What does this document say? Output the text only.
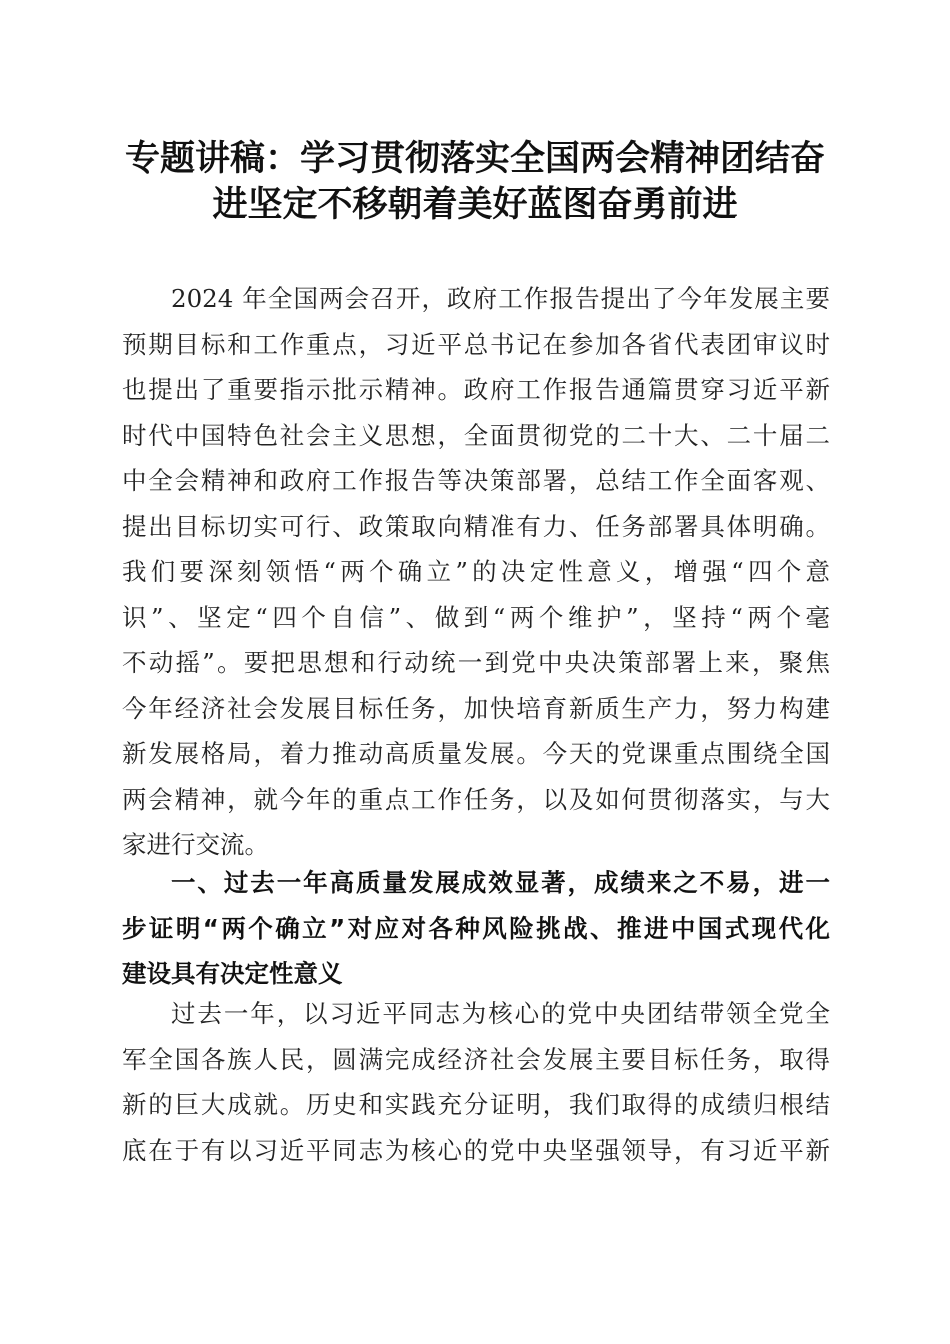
专题讲稿：学习贯彻落实全国两会精神团结奋
进坚定不移朝着美好蓝图奋勇前进
2024 年全国两会召开，政府工作报告提出了今年发展主要
预期目标和工作重点，习近平总书记在参加各省代表团审议时
也提出了重要指示批示精神。政府工作报告通篇贯穿习近平新
时代中国特色社会主义思想，全面贯彻党的二十大、二十届二
中全会精神和政府工作报告等决策部署，总结工作全面客观、
提出目标切实可行、政策取向精准有力、任务部署具体明确。
我们要深刻领悟“两个确立”的决定性意义，增强“四个意
识”、坚定“四个自信”、做到“两个维护”，坚持“两个毫
不动摇”。要把思想和行动统一到党中央决策部署上来，聚焦
今年经济社会发展目标任务，加快培育新质生产力，努力构建
新发展格局，着力推动高质量发展。今天的党课重点围绕全国
两会精神，就今年的重点工作任务，以及如何贯彻落实，与大
家进行交流。
一、过去一年高质量发展成效显著，成绩来之不易，进一
步证明“两个确立”对应对各种风险挑战、推进中国式现代化
建设具有决定性意义
过去一年，以习近平同志为核心的党中央团结带领全党全
军全国各族人民，圆满完成经济社会发展主要目标任务，取得
新的巨大成就。历史和实践充分证明，我们取得的成绩归根结
底在于有以习近平同志为核心的党中央坚强领导，有习近平新
